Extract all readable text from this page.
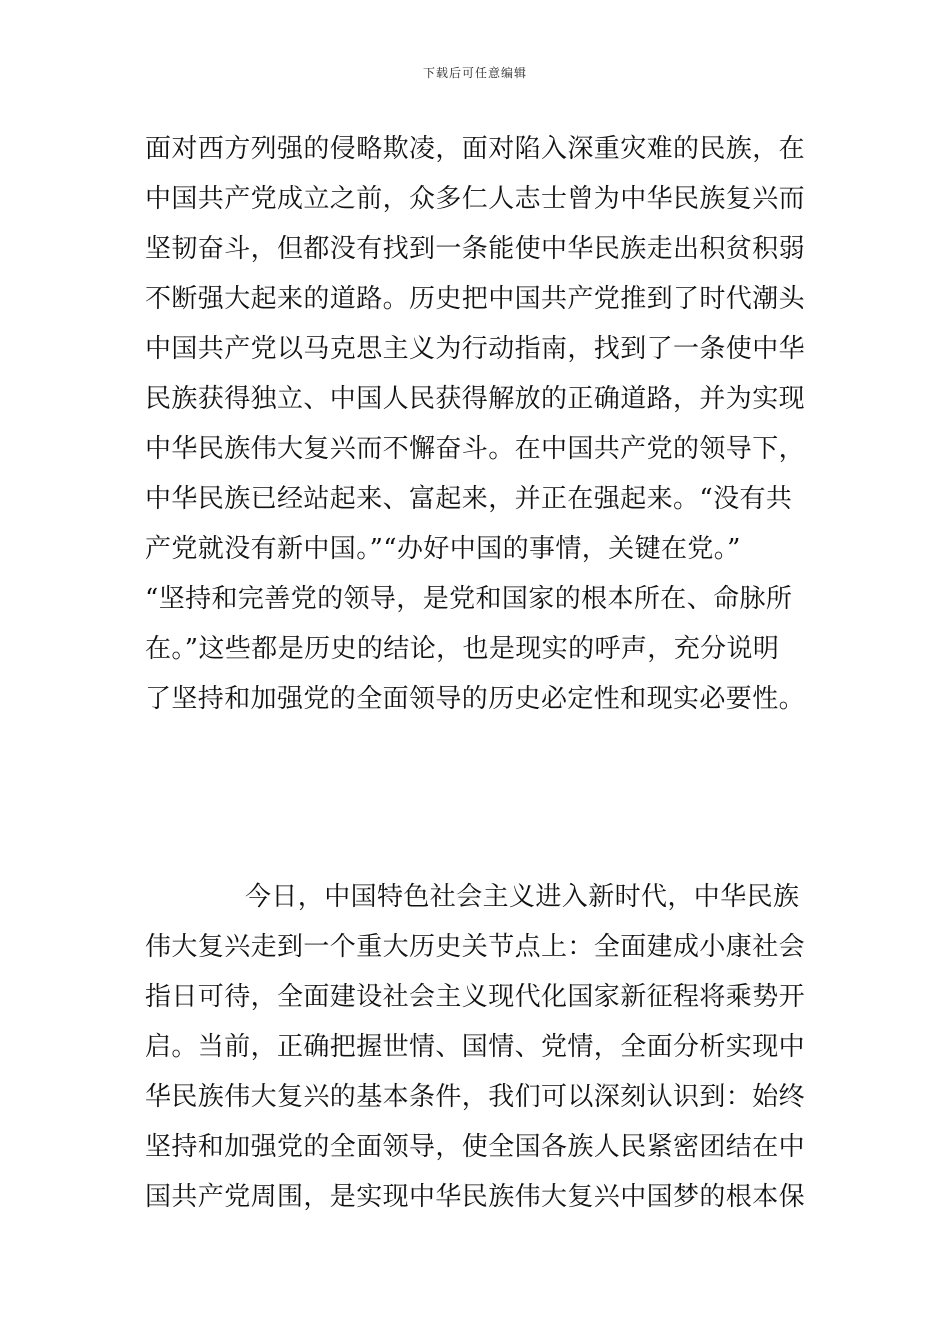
下载后可任意编辑
面对西方列强的侵略欺凌，面对陷入深重灾难的民族，在
中国共产党成立之前，众多仁人志士曾为中华民族复兴而
坚韧奋斗，但都没有找到一条能使中华民族走出积贫积弱
不断强大起来的道路。历史把中国共产党推到了时代潮头
中国共产党以马克思主义为行动指南，找到了一条使中华
民族获得独立、中国人民获得解放的正确道路，并为实现
中华民族伟大复兴而不懈奋斗。在中国共产党的领导下，
中华民族已经站起来、富起来，并正在强起来。“没有共
产党就没有新中国。”“办好中国的事情，关键在党。”
“坚持和完善党的领导，是党和国家的根本所在、命脉所
在。”这些都是历史的结论，也是现实的呼声，充分说明
了坚持和加强党的全面领导的历史必定性和现实必要性。
今日，中国特色社会主义进入新时代，中华民族
伟大复兴走到一个重大历史关节点上：全面建成小康社会
指日可待，全面建设社会主义现代化国家新征程将乘势开
启。当前，正确把握世情、国情、党情，全面分析实现中
华民族伟大复兴的基本条件，我们可以深刻认识到：始终
坚持和加强党的全面领导，使全国各族人民紧密团结在中
国共产党周围，是实现中华民族伟大复兴中国梦的根本保
